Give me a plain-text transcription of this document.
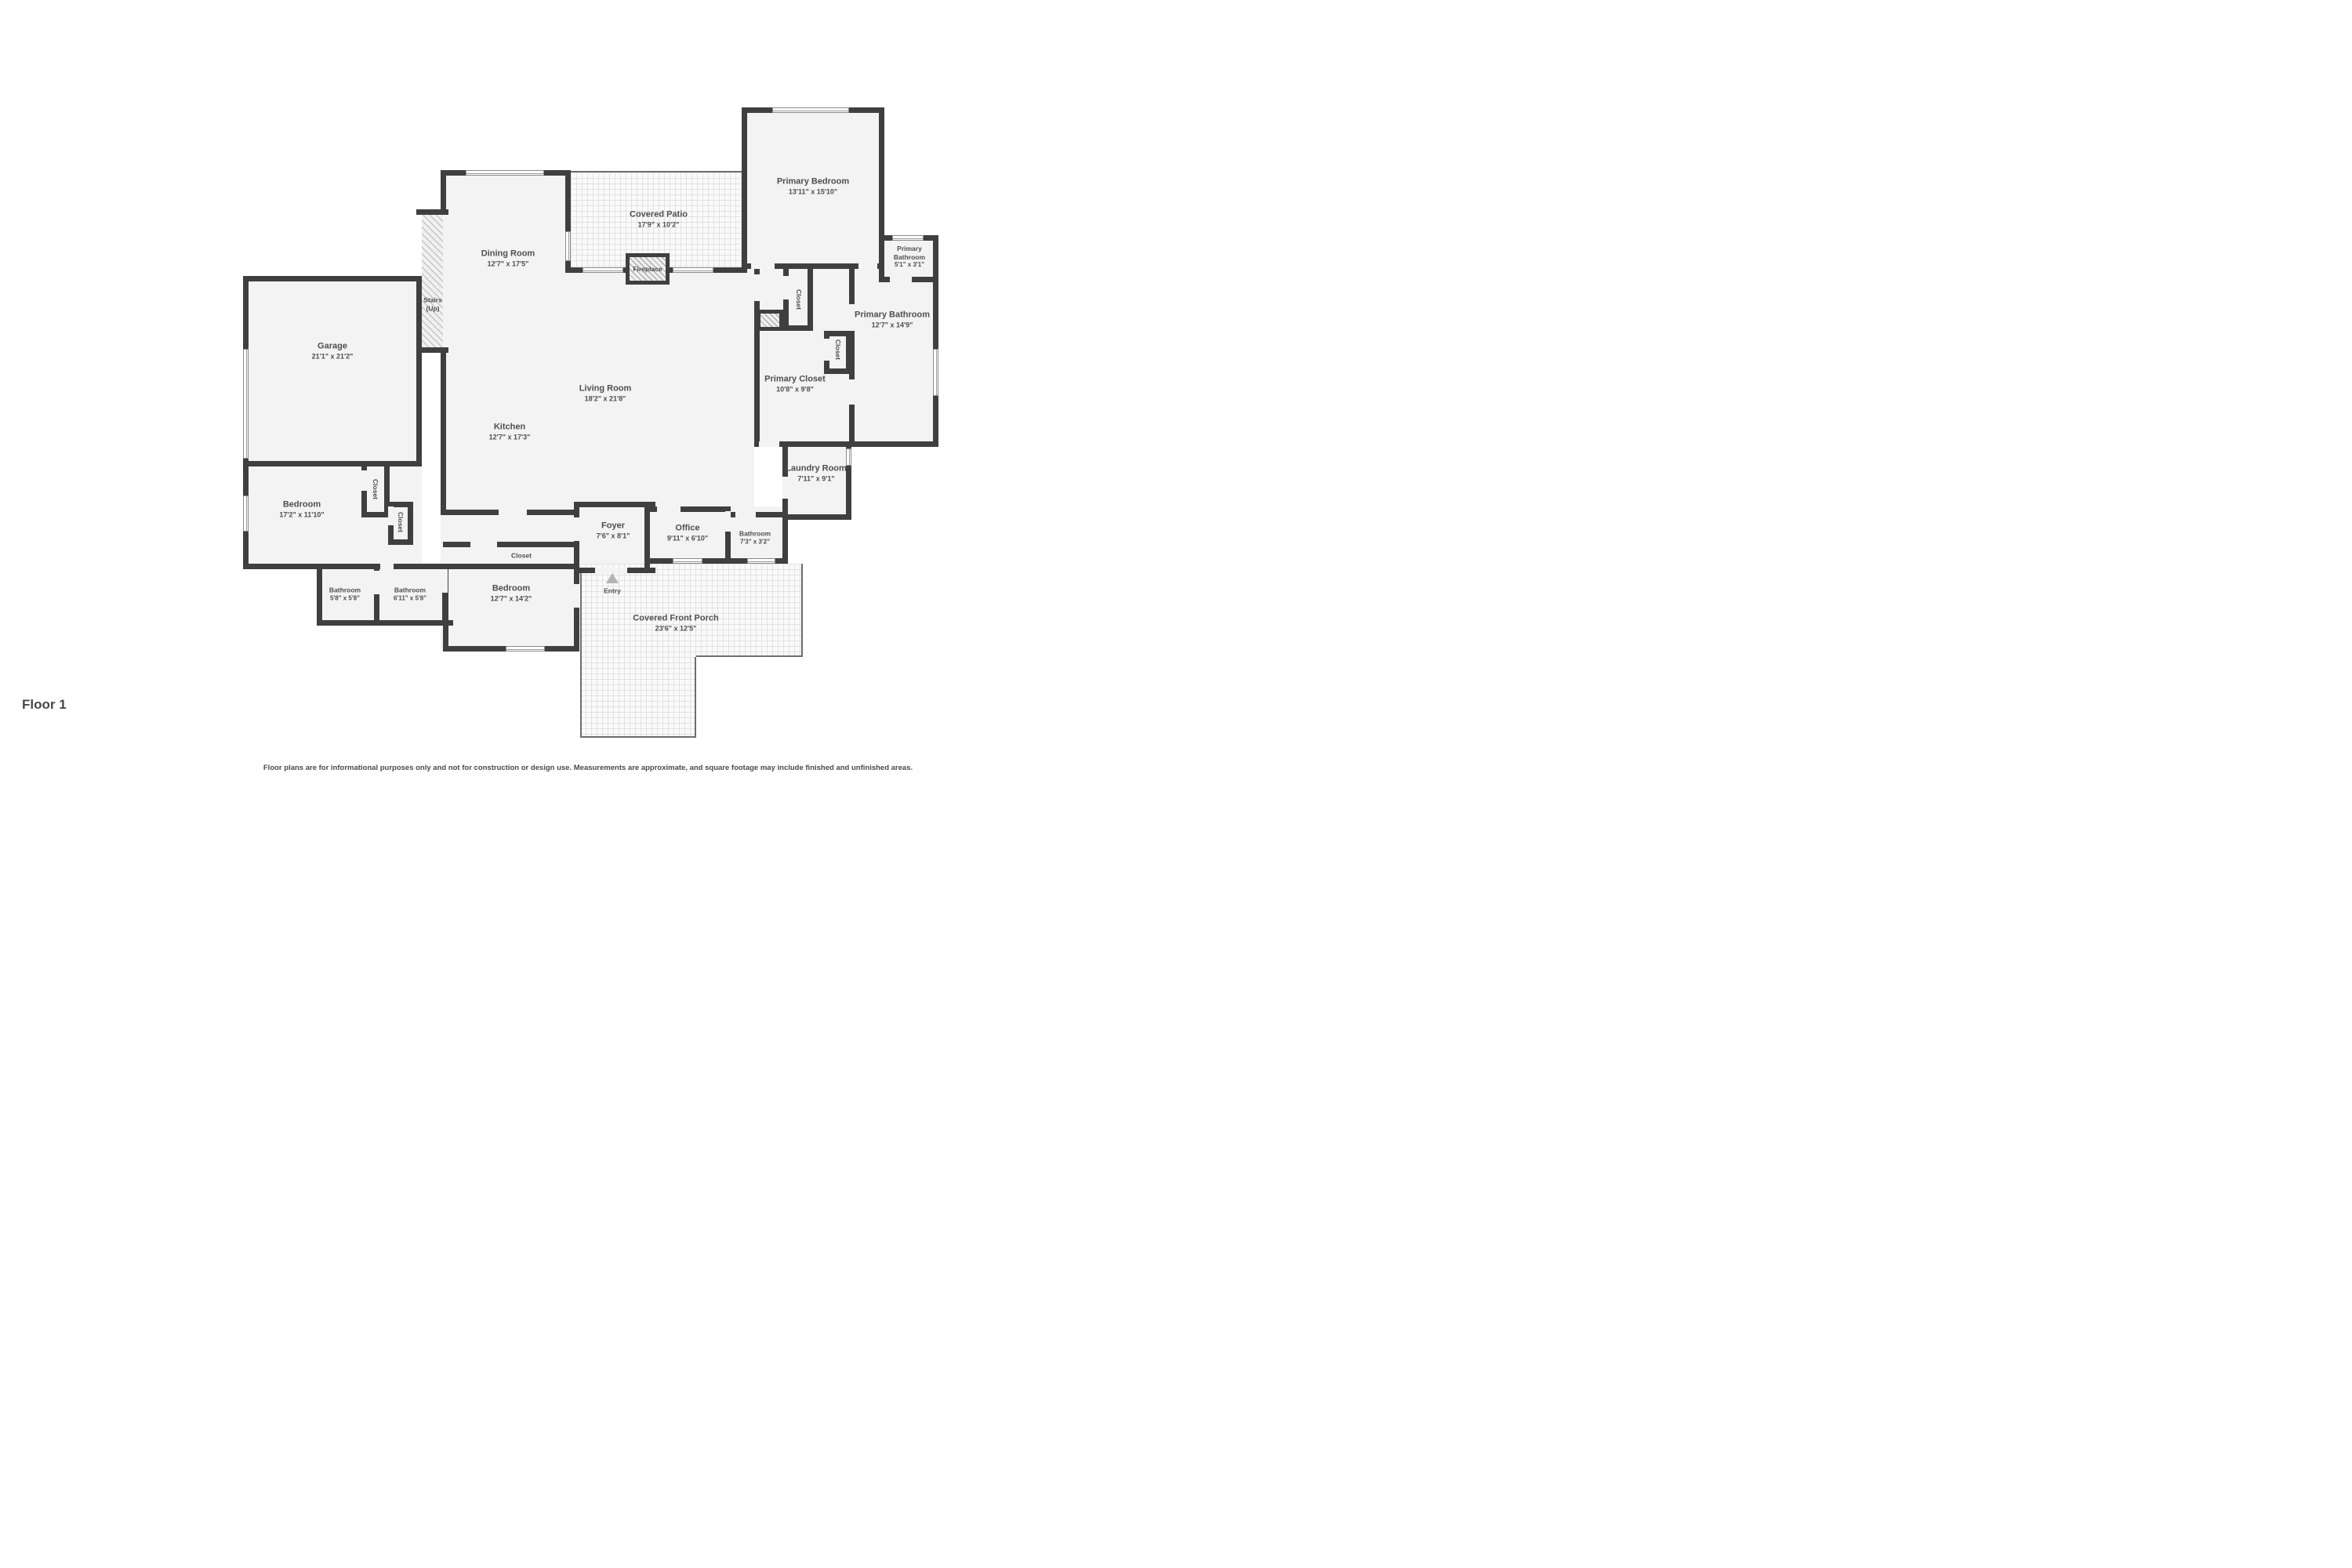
Fireplace
Garage
21'1" x 21'2"
Dining Room
12'7" x 17'5"
Kitchen
12'7" x 17'3"
Living Room
18'2" x 21'8"
Covered Patio
17'9" x 10'2"
Primary Bedroom
13'11" x 15'10"
Primary Bathroom
5'1" x 3'1"
Primary Bathroom
12'7" x 14'9"
Primary Closet
10'8" x 9'8"
Laundry Room
7'11" x 9'1"
Office
9'11" x 6'10"
Bathroom
7'3" x 3'2"
Foyer
7'6" x 8'1"
Bedroom
17'2" x 11'10"
Bedroom
12'7" x 14'2"
Bathroom
5'8" x 5'8"
Bathroom
6'11" x 5'8"
Covered Front Porch
23'6" x 12'5"
Stairs
(Up)	Closet
Closet
Closet
Closet
Closet
Entry
Floor 1
Floor plans are for informational purposes only and not for construction or design use. Measurements are approximate, and square footage may include finished and unfinished areas.
